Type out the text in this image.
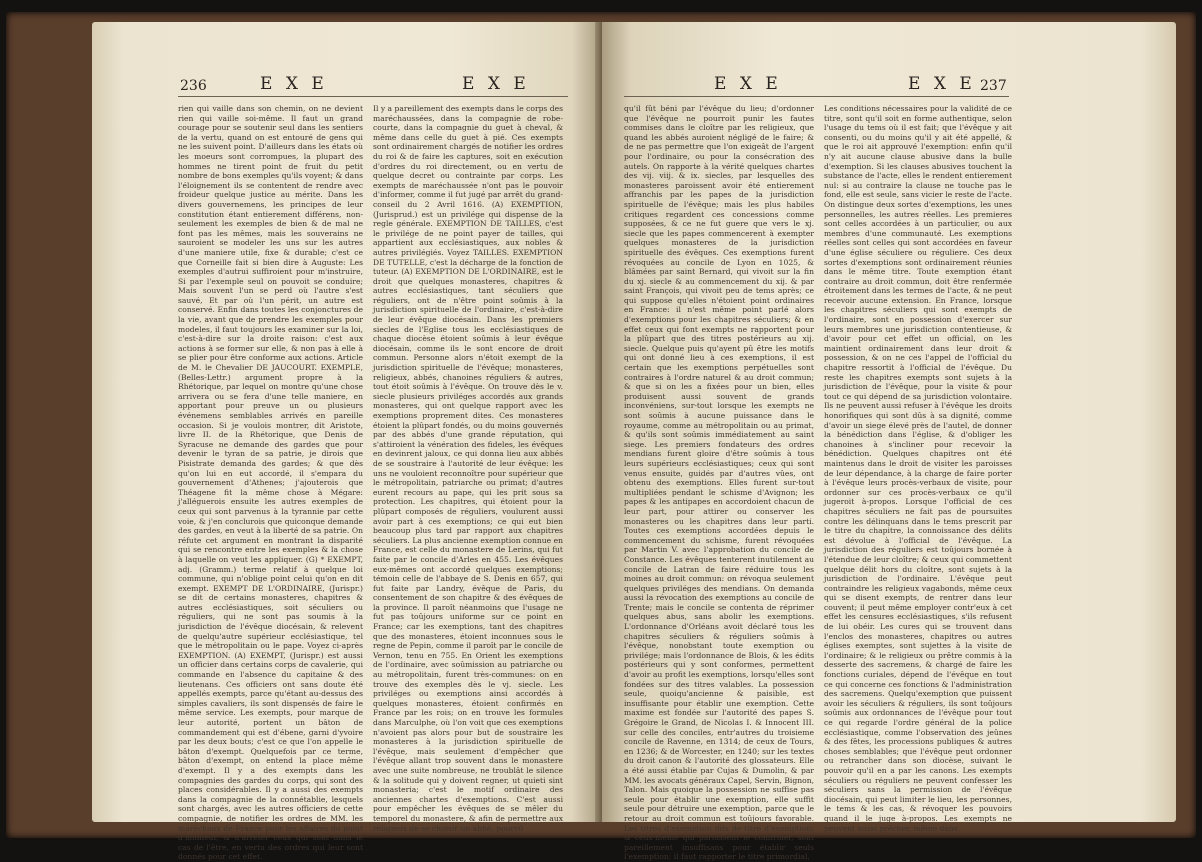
236	E X E	E X E
rien qui vaille dans son chemin, on ne devient rien qui vaille soi-même. Il faut un grand courage pour se soutenir seul dans les sentiers de la vertu, quand on est entouré de gens qui ne les suivent point. D'ailleurs dans les états où les moeurs sont corrompues, la plupart des hommes ne tirent point de fruit du petit nombre de bons exemples qu'ils voyent; & dans l'éloignement ils se contentent de rendre avec froideur quelque justice au mérite. Dans les divers gouvernemens, les principes de leur constitution étant entierement différens, non-seulement les exemples de bien & de mal ne font pas les mêmes, mais les souverains ne sauroient se modeler les uns sur les autres d'une maniere utile, fixe & durable; c'est ce que Corneille fait si bien dire à Auguste: Les exemples d'autrui suffiroient pour m'instruire, Si par l'exemple seul on pouvoit se conduire; Mais souvent l'un se perd où l'autre s'est sauvé, Et par où l'un périt, un autre est conservé. Enfin dans toutes les conjonctures de la vie, avant que de prendre les exemples pour modeles, il faut toujours les examiner sur la loi, c'est-à-dire sur la droite raison: c'est aux actions à se former sur elle, & non pas à elle à se plier pour être conforme aux actions. Article de M. le Chevalier DE JAUCOURT. EXEMPLE, (Belles-Lettr.) argument propre à la Rhétorique, par lequel on montre qu'une chose arrivera ou se fera d'une telle maniere, en apportant pour preuve un ou plusieurs événemens semblables arrivés en pareille occasion. Si je voulois montrer, dit Aristote, livre II. de la Rhétorique, que Denis de Syracuse ne demande des gardes que pour devenir le tyran de sa patrie, je dirois que Pisistrate demanda des gardes; & que dès qu'on lui en eut accordé, il s'empara du gouvernement d'Athenes; j'ajouterois que Théagene fit la même chose à Mégare: j'alléguerois ensuite les autres exemples de ceux qui sont parvenus à la tyrannie par cette voie, & j'en conclurois que quiconque demande des gardes, en veut à la liberté de sa patrie. On réfute cet argument en montrant la disparité qui se rencontre entre les exemples & la chose à laquelle on veut les appliquer. (G) * EXEMPT, adj. (Gramm.) terme relatif à quelque loi commune, qui n'oblige point celui qu'on en dit exempt. EXEMPT DE L'ORDINAIRE, (Jurispr.) se dit de certains monasteres, chapitres & autres ecclésiastiques, soit séculiers ou réguliers, qui ne sont pas soumis à la jurisdiction de l'évêque diocésain, & relevent de quelqu'autre supérieur ecclésiastique, tel que le métropolitain ou le pape. Voyez ci-après EXEMPTION. (A) EXEMPT, (Jurispr.) est aussi un officier dans certains corps de cavalerie, qui commande en l'absence du capitaine & des lieutenans. Ces officiers ont sans doute été appellés exempts, parce qu'étant au-dessus des simples cavaliers, ils sont dispensés de faire le même service. Les exempts, pour marque de leur autorité, portent un bâton de commandement qui est d'ébene, garni d'yvoire par les deux bouts; c'est ce que l'on appelle le bâton d'exempt. Quelquefois par ce terme, bâton d'exempt, on entend la place même d'exempt. Il y a des exempts dans les compagnies des gardes du corps, qui sont des places considérables. Il y a aussi des exempts dans la compagnie de la connétablie, lesquels sont chargés, avec les autres officiers de cette compagnie, de notifier les ordres de MM. les maréchaux de France pour les affaires du point d'honneur, & d'arrêter ceux qui sont dans le cas de l'être, en vertu des ordres qui leur sont donnés pour cet effet.
Il y a pareillement des exempts dans le corps des maréchaussées, dans la compagnie de robe-courte, dans la compagnie du guet à cheval, & même dans celle du guet à pié. Ces exempts sont ordinairement chargés de notifier les ordres du roi & de faire les captures, soit en exécution d'ordres du roi directement, ou en vertu de quelque decret ou contrainte par corps. Les exempts de maréchaussée n'ont pas le pouvoir d'informer, comme il fut jugé par arrêt du grand-conseil du 2 Avril 1616. (A) EXEMPTION, (Jurisprud.) est un privilége qui dispense de la regle générale. EXEMPTION DE TAILLES, c'est le privilége de ne point payer de tailles, qui appartient aux ecclésiastiques, aux nobles & autres privilégiés. Voyez TAILLES. EXEMPTION DE TUTELLE, c'est la décharge de la fonction de tuteur. (A) EXEMPTION DE L'ORDINAIRE, est le droit que quelques monasteres, chapitres & autres ecclésiastiques, tant séculiers que réguliers, ont de n'être point soûmis à la jurisdiction spirituelle de l'ordinaire, c'est-à-dire de leur évêque diocésain. Dans les premiers siecles de l'Eglise tous les ecclésiastiques de chaque diocèse étoient soûmis à leur évêque diocésain, comme ils le sont encore de droit commun. Personne alors n'étoit exempt de la jurisdiction spirituelle de l'évêque; monasteres, religieux, abbés, chanoines réguliers & autres, tout étoit soûmis à l'évêque. On trouve dès le v. siecle plusieurs priviléges accordés aux grands monasteres, qui ont quelque rapport avec les exemptions proprement dites. Ces monasteres étoient la plûpart fondés, ou du moins gouvernés par des abbés d'une grande réputation, qui s'attiroient la vénération des fideles, les évêques en devinrent jaloux, ce qui donna lieu aux abbés de se soustraire à l'autorité de leur évêque: les uns ne vouloient reconnoître pour supérieur que le métropolitain, patriarche ou primat; d'autres eurent recours au pape, qui les prit sous sa protection. Les chapitres, qui étoient pour la plûpart composés de réguliers, voulurent aussi avoir part à ces exemptions; ce qui eut bien beaucoup plus tard par rapport aux chapitres séculiers. La plus ancienne exemption connue en France, est celle du monastere de Lerins, qui fut faite par le concile d'Arles en 455. Les évêques eux-mêmes ont accordé quelques exemptions; témoin celle de l'abbaye de S. Denis en 657, qui fut faite par Landry, évêque de Paris, du consentement de son chapitre & des évêques de la province. Il paroît néanmoins que l'usage ne fut pas toûjours uniforme sur ce point en France; car les exemptions, tant des chapitres que des monasteres, étoient inconnues sous le regne de Pepin, comme il paroît par le concile de Vernon, tenu en 755. En Orient les exemptions de l'ordinaire, avec soûmission au patriarche ou au métropolitain, furent très-communes: on en trouve des exemples dès le vj. siecle. Les priviléges ou exemptions ainsi accordés à quelques monasteres, étoient confirmés en France par les rois; on en trouve les formules dans Marculphe, où l'on voit que ces exemptions n'avoient pas alors pour but de soustraire les monasteres à la jurisdiction spirituelle de l'évêque, mais seulement d'empêcher que l'évêque allant trop souvent dans le monastere avec une suite nombreuse, ne troublât le silence & la solitude qui y doivent regner, ut quieti sint monasteria; c'est le motif ordinaire des anciennes chartes d'exemptions. C'est aussi pour empêcher les évêques de se mêler du temporel du monastere, & afin de permettre aux religieux de se choisir un abbé, pourvû
E X E	E X E 237
qu'il fût béni par l'évêque du lieu; d'ordonner que l'évêque ne pourroit punir les fautes commises dans le cloître par les religieux, que quand les abbés auroient négligé de le faire; & de ne pas permettre que l'on exigeât de l'argent pour l'ordinaire, ou pour la consécration des autels. On rapporte à la vérité quelques chartes des vij. viij. & ix. siecles, par lesquelles des monasteres paroissent avoir été entierement affranchis par les papes de la jurisdiction spirituelle de l'évêque; mais les plus habiles critiques regardent ces concessions comme supposées, & ce ne fut guere que vers le xj. siecle que les papes commencerent à exempter quelques monasteres de la jurisdiction spirituelle des évêques. Ces exemptions furent révoquées au concile de Lyon en 1025, & blâmées par saint Bernard, qui vivoit sur la fin du xj. siecle & au commencement du xij. & par saint François, qui vivoit peu de tems après; ce qui suppose qu'elles n'étoient point ordinaires en France: il n'est même point parlé alors d'exemptions pour les chapitres séculiers; & en effet ceux qui font exempts ne rapportent pour la plûpart que des titres postérieurs au xij. siecle. Quelque puis qu'ayent pû être les motifs qui ont donné lieu à ces exemptions, il est certain que les exemptions perpétuelles sont contraires à l'ordre naturel & au droit commun; & que si on les a fixées pour un bien, elles produisent aussi souvent de grands inconvéniens, sur-tout lorsque les exempts ne sont soûmis à aucune puissance dans le royaume, comme au métropolitain ou au primat, & qu'ils sont soûmis immédiatement au saint siege. Les premiers fondateurs des ordres mendians furent gloire d'être soûmis à tous leurs supérieurs ecclésiastiques; ceux qui sont venus ensuite, guidés par d'autres vûes, ont obtenu des exemptions. Elles furent sur-tout multipliées pendant le schisme d'Avignon; les papes & les antipapes en accordoient chacun de leur part, pour attirer ou conserver les monasteres ou les chapitres dans leur parti. Toutes ces exemptions accordées depuis le commencement du schisme, furent révoquées par Martin V. avec l'approbation du concile de Constance. Les évêques tenterent inutilement au concile de Latran de faire réduire tous les moines au droit commun: on révoqua seulement quelques priviléges des mendians. On demanda aussi la révocation des exemptions au concile de Trente; mais le concile se contenta de réprimer quelques abus, sans abolir les exemptions. L'ordonnance d'Orléans avoit déclaré tous les chapitres séculiers & réguliers soûmis à l'évêque, nonobstant toute exemption ou privilége; mais l'ordonnance de Blois, & les édits postérieurs qui y sont conformes, permettent d'avoir au profit les exemptions, lorsqu'elles sont fondées sur des titres valables. La possession seule, quoiqu'ancienne & paisible, est insuffisante pour établir une exemption. Cette maxime est fondée sur l'autorité des papes S. Grégoire le Grand, de Nicolas I. & Innocent III. sur celle des conciles, entr'autres du troisieme concile de Ravenne, en 1314; de ceux de Tours, en 1236; & de Worcester, en 1240; sur les textes du droit canon & l'autorité des glossateurs. Elle a été aussi établie par Cujas & Dumolin, & par MM. les avocats généraux Capel, Servin, Bignon, Talon. Mais quoique la possession ne suffise pas seule pour établir une exemption, elle suffit seule pour détruire une exemption, parce que le retour au droit commun est toûjours favorable. Les titres d'exemption dits de titre d'exemption; & ceux-même qui paroissent le confirmer, sont pareillement insuffisans pour établir seuls l'exemption; il faut rapporter le titre primordial,
Les conditions nécessaires pour la validité de ce titre, sont qu'il soit en forme authentique, selon l'usage du tems où il est fait; que l'évêque y ait consenti, ou du moins qu'il y ait été appellé, & que le roi ait approuvé l'exemption: enfin qu'il n'y ait aucune clause abusive dans la bulle d'exemption. Si les clauses abusives touchent la substance de l'acte, elles le rendent entierement nul: si au contraire la clause ne touche pas le fond, elle est seule, sans vicier le reste de l'acte. On distingue deux sortes d'exemptions, les unes personnelles, les autres réelles. Les premieres sont celles accordées à un particulier, ou aux membres d'une communauté. Les exemptions réelles sont celles qui sont accordées en faveur d'une église séculiere ou réguliere. Ces deux sortes d'exemptions sont ordinairement réunies dans le même titre. Toute exemption étant contraire au droit commun, doit être renfermée étroitement dans les termes de l'acte, & ne peut recevoir aucune extension. En France, lorsque les chapitres séculiers qui sont exempts de l'ordinaire, sont en possession d'exercer sur leurs membres une jurisdiction contentieuse, & d'avoir pour cet effet un official, on les maintient ordinairement dans leur droit & possession, & on ne ces l'appel de l'official du chapitre ressortit à l'official de l'évêque. Du reste les chapitres exempts sont sujets à la jurisdiction de l'évêque, pour la visite & pour tout ce qui dépend de sa jurisdiction volontaire. Ils ne peuvent aussi refuser à l'évêque les droits honorifiques qui sont dûs à sa dignité, comme d'avoir un siege élevé près de l'autel, de donner la bénédiction dans l'église, & d'obliger les chanoines à s'incliner pour recevoir la bénédiction. Quelques chapitres ont été maintenus dans le droit de visiter les paroisses de leur dépendance, à la charge de faire porter à l'évêque leurs procès-verbaux de visite, pour ordonner sur ces procès-verbaux ce qu'il jugeroit à-propos. Lorsque l'official de ces chapitres séculiers ne fait pas de poursuites contre les délinquans dans le tems prescrit par le titre du chapitre, la connoissance des délits est dévolue à l'official de l'évêque. La jurisdiction des réguliers est toûjours bornée à l'étendue de leur cloître; & ceux qui commettent quelque délit hors du cloître, sont sujets à la jurisdiction de l'ordinaire. L'évêque peut contraindre les religieux vagabonds, même ceux qui se disent exempts, de rentrer dans leur couvent; il peut même employer contr'eux à cet effet les censures ecclésiastiques, s'ils refusent de lui obéir. Les cures qui se trouvent dans l'enclos des monasteres, chapitres ou autres églises exemptes, sont sujettes à la visite de l'ordinaire; & le religieux ou prêtre commis à la desserte des sacremens, & chargé de faire les fonctions curiales, dépend de l'évêque en tout ce qui concerne ces fonctions & l'administration des sacremens. Quelqu'exemption que puissent avoir les séculiers & réguliers, ils sont toûjours soûmis aux ordonnances de l'évêque pour tout ce qui regarde l'ordre général de la police ecclésiastique, comme l'observation des jeûnes & des fêtes, les processions publiques & autres choses semblables; que l'évêque peut ordonner ou retrancher dans son diocèse, suivant le pouvoir qu'il en a par les canons. Les exempts séculiers ou réguliers ne peuvent confesser les séculiers sans la permission de l'évêque diocésain, qui peut limiter le lieu, les personnes, le tems & les cas, & révoquer les pouvoirs quand il le juge à-propos. Les exempts ne peuvent aussi prêcher, même dans
